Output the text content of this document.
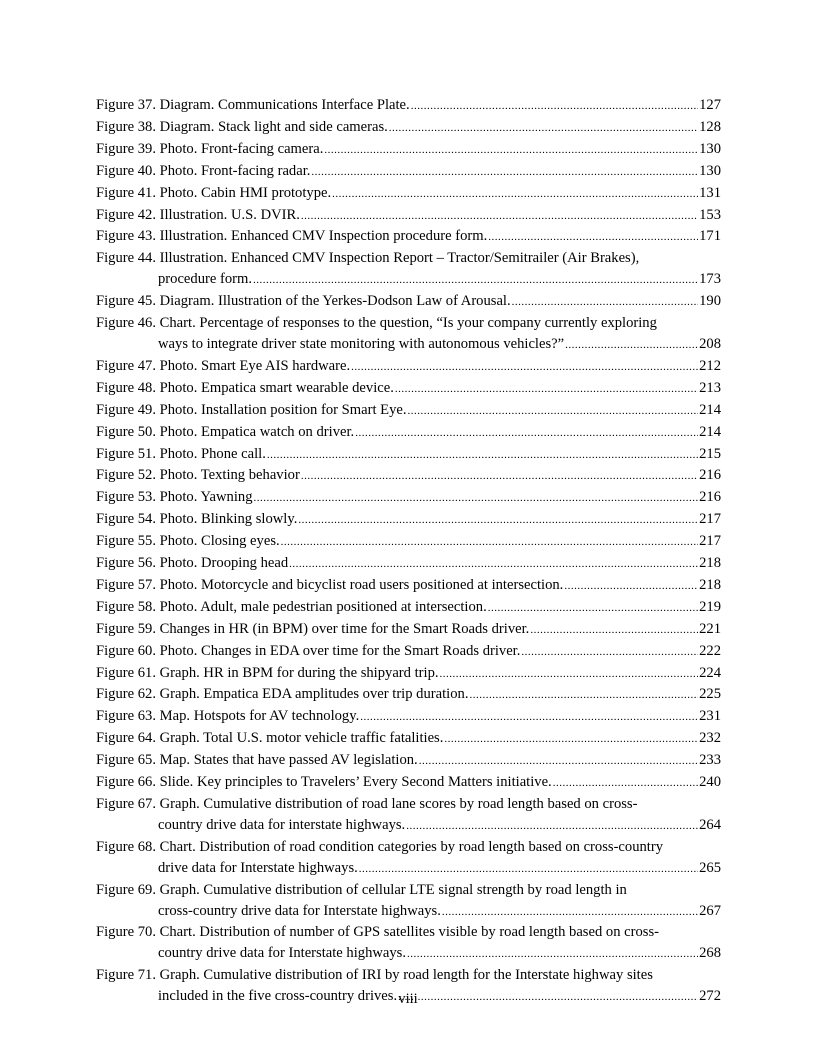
Figure 37. Diagram. Communications Interface Plate. .....	127
Figure 38. Diagram. Stack light and side cameras. .....	128
Figure 39. Photo. Front-facing camera. .....	130
Figure 40. Photo. Front-facing radar. .....	130
Figure 41. Photo. Cabin HMI prototype. .....	131
Figure 42. Illustration. U.S. DVIR. .....	153
Figure 43. Illustration. Enhanced CMV Inspection procedure form. .....	171
Figure 44. Illustration. Enhanced CMV Inspection Report – Tractor/Semitrailer (Air Brakes),
procedure form. .....	173
Figure 45. Diagram. Illustration of the Yerkes-Dodson Law of Arousal. .....	190
Figure 46. Chart. Percentage of responses to the question, “Is your company currently exploring
ways to integrate driver state monitoring with autonomous vehicles?” .....	208
Figure 47. Photo. Smart Eye AIS hardware. .....	212
Figure 48. Photo. Empatica smart wearable device. .....	213
Figure 49. Photo. Installation position for Smart Eye. .....	214
Figure 50. Photo. Empatica watch on driver. .....	214
Figure 51. Photo. Phone call. .....	215
Figure 52. Photo. Texting behavior .....	216
Figure 53. Photo. Yawning .....	216
Figure 54. Photo. Blinking slowly. .....	217
Figure 55. Photo. Closing eyes. .....	217
Figure 56. Photo. Drooping head .....	218
Figure 57. Photo. Motorcycle and bicyclist road users positioned at intersection. .....	218
Figure 58. Photo. Adult, male pedestrian positioned at intersection. .....	219
Figure 59. Changes in HR (in BPM) over time for the Smart Roads driver. .....	221
Figure 60. Photo. Changes in EDA over time for the Smart Roads driver. .....	222
Figure 61. Graph. HR in BPM for during the shipyard trip. .....	224
Figure 62. Graph. Empatica EDA amplitudes over trip duration. .....	225
Figure 63. Map. Hotspots for AV technology. .....	231
Figure 64. Graph. Total U.S. motor vehicle traffic fatalities. .....	232
Figure 65. Map. States that have passed AV legislation. .....	233
Figure 66. Slide. Key principles to Travelers’ Every Second Matters initiative. .....	240
Figure 67. Graph. Cumulative distribution of road lane scores by road length based on cross-
country drive data for interstate highways. .....	264
Figure 68. Chart. Distribution of road condition categories by road length based on cross-country
drive data for Interstate highways. .....	265
Figure 69. Graph. Cumulative distribution of cellular LTE signal strength by road length in
cross-country drive data for Interstate highways. .....	267
Figure 70. Chart. Distribution of number of GPS satellites visible by road length based on cross-
country drive data for Interstate highways. .....	268
Figure 71. Graph. Cumulative distribution of IRI by road length for the Interstate highway sites
included in the five cross-country drives. .....	272
viii
